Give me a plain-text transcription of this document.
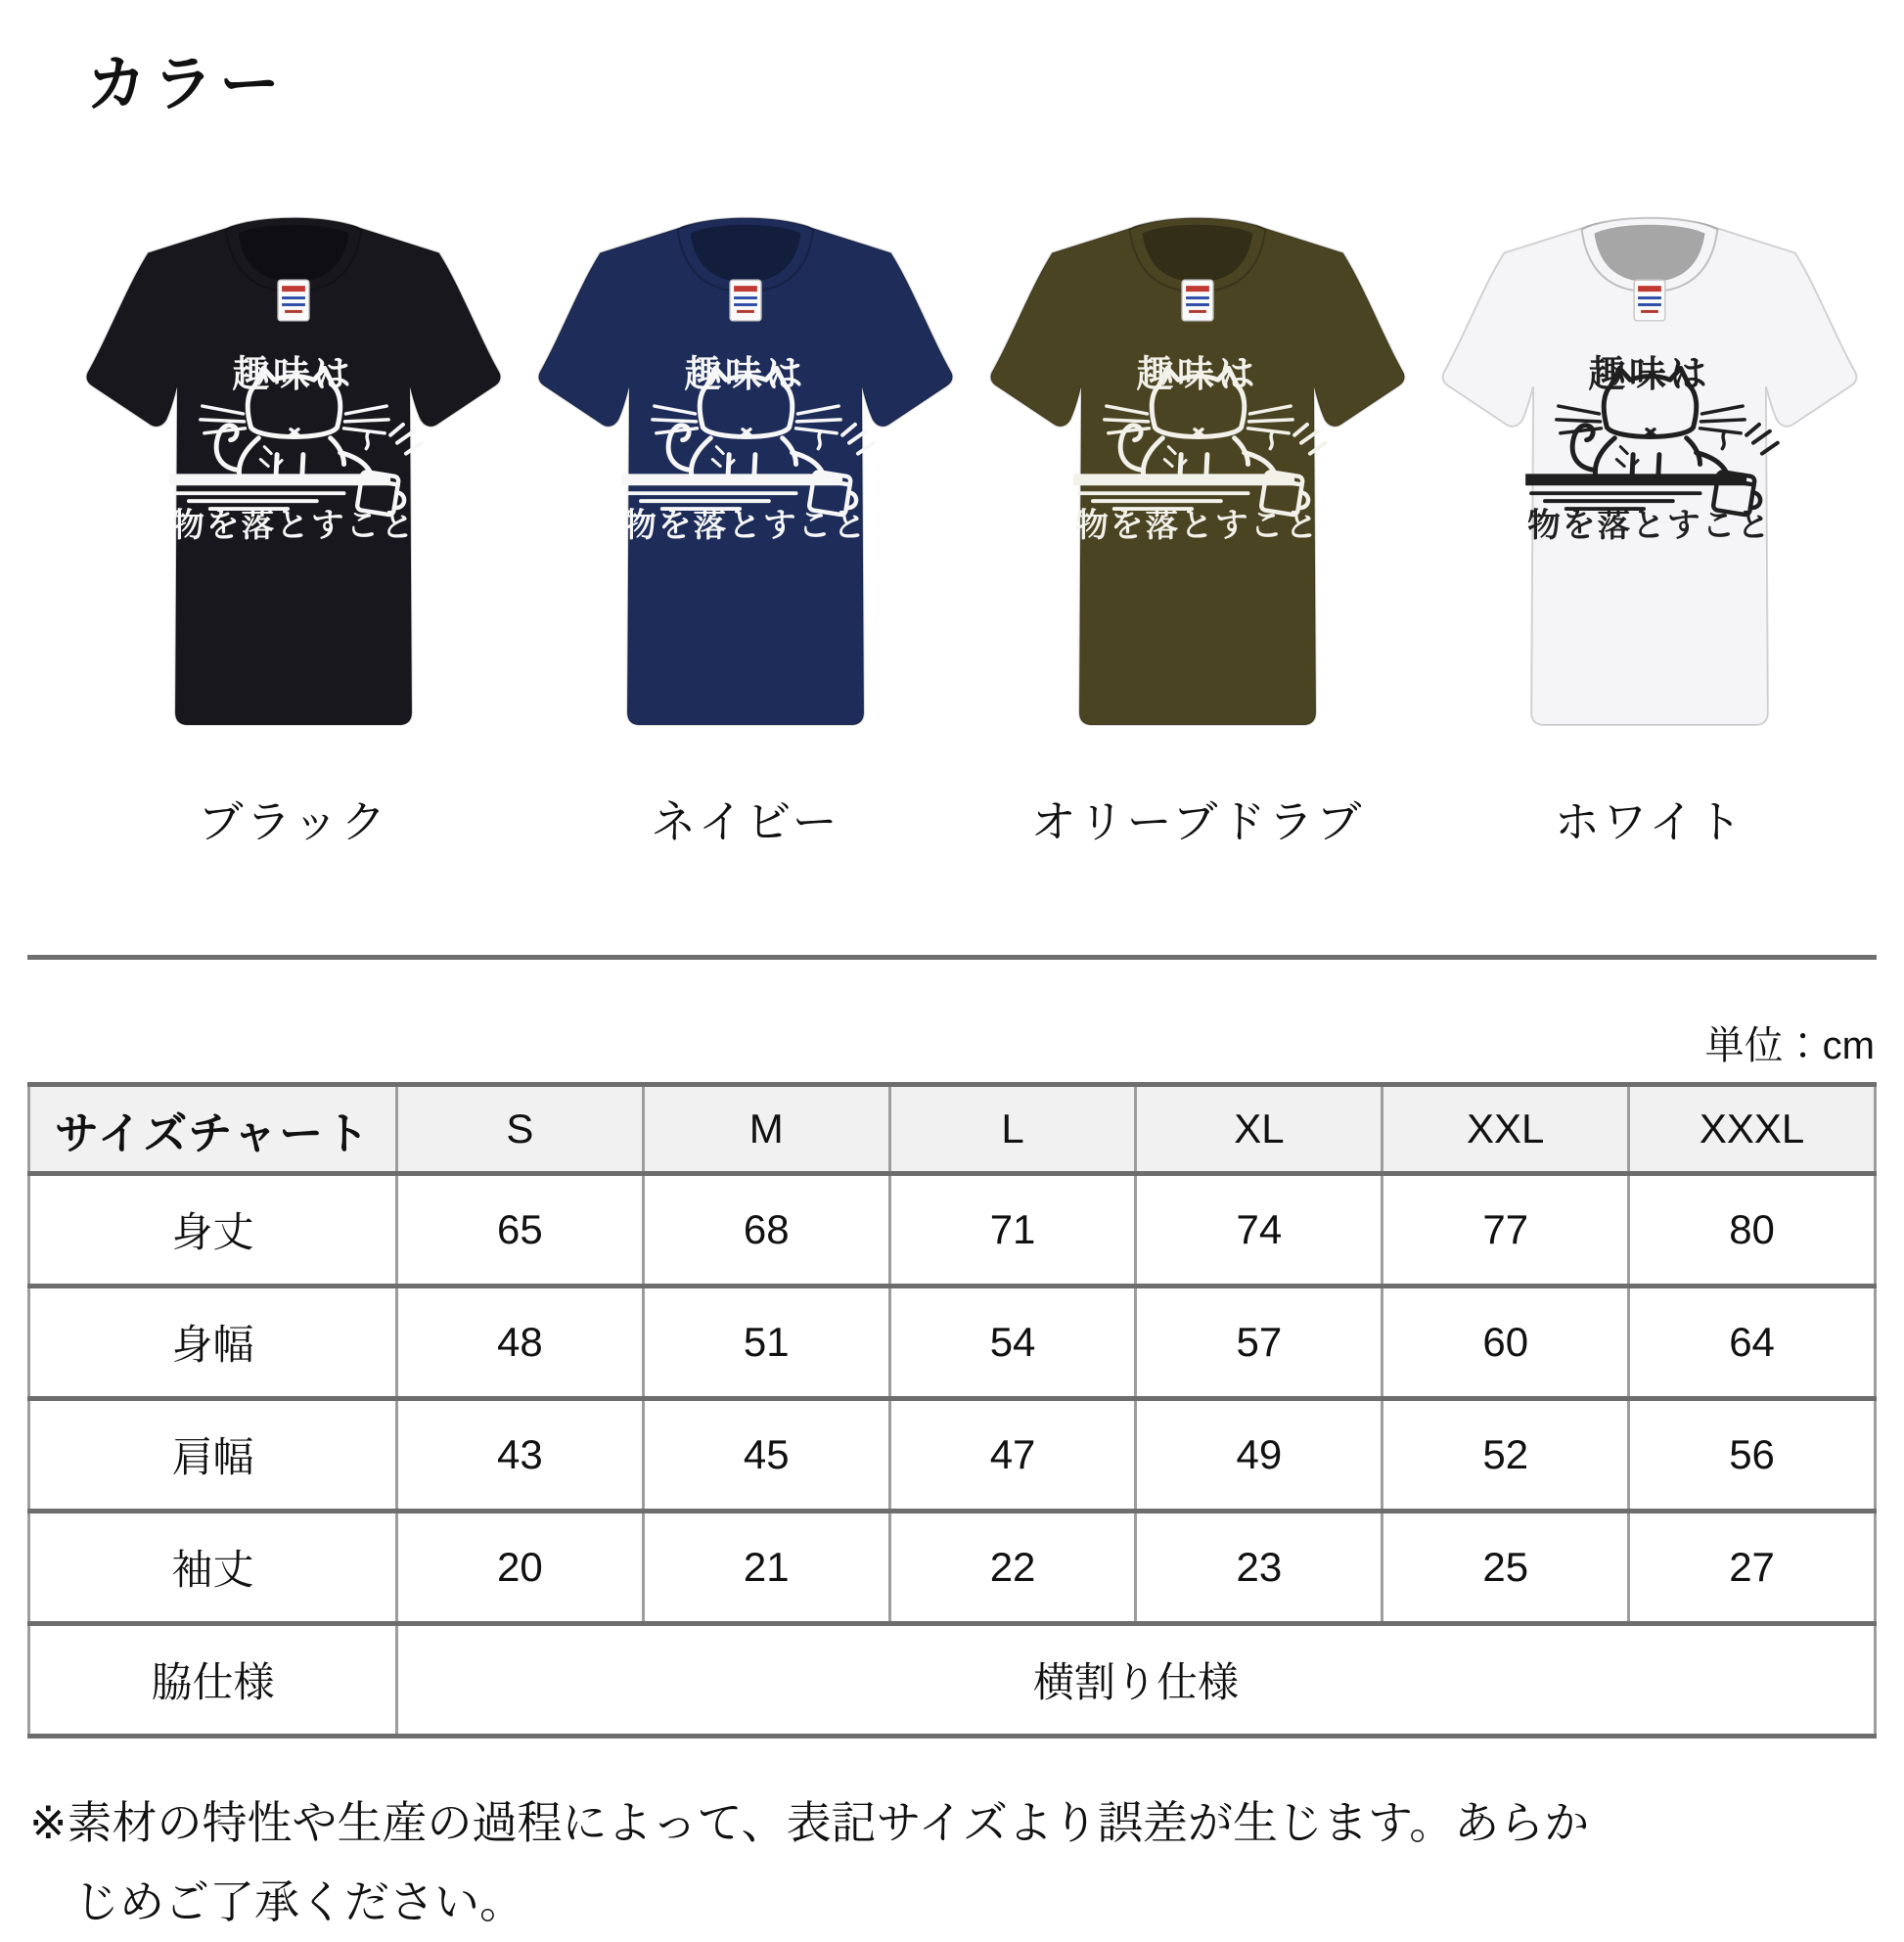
カラー
ブラック	ネイビー	オリーブドラブ	ホワイト
単位：cm
サイズチャート	S	M	L	XL	XXL	XXXL
身丈	65	68	71	74	77	80
身幅	48	51	54	57	60	64
肩幅	43	45	47	49	52	56
袖丈	20	21	22	23	25	27
脇仕様	横割り仕様					

※素材の特性や生産の過程によって、表記サイズより誤差が生じます。あらかじめご了承ください。
